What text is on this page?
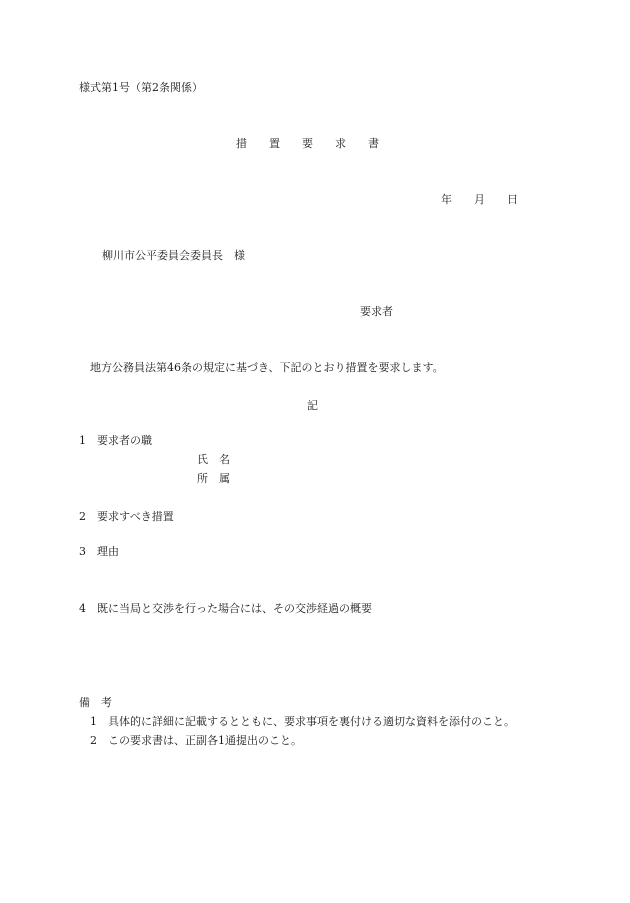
様式第1号（第2条関係）
措　　置　　要　　求　　書
年　　月　　日
柳川市公平委員会委員長　様
要求者
地方公務員法第46条の規定に基づき、下記のとおり措置を要求します。
記
1　要求者の職
氏　名
所　属
2　要求すべき措置
3　理由
4　既に当局と交渉を行った場合には、その交渉経過の概要
備　考
1　具体的に詳細に記載するとともに、要求事項を裏付ける適切な資料を添付のこと。
2　この要求書は、正副各1通提出のこと。
